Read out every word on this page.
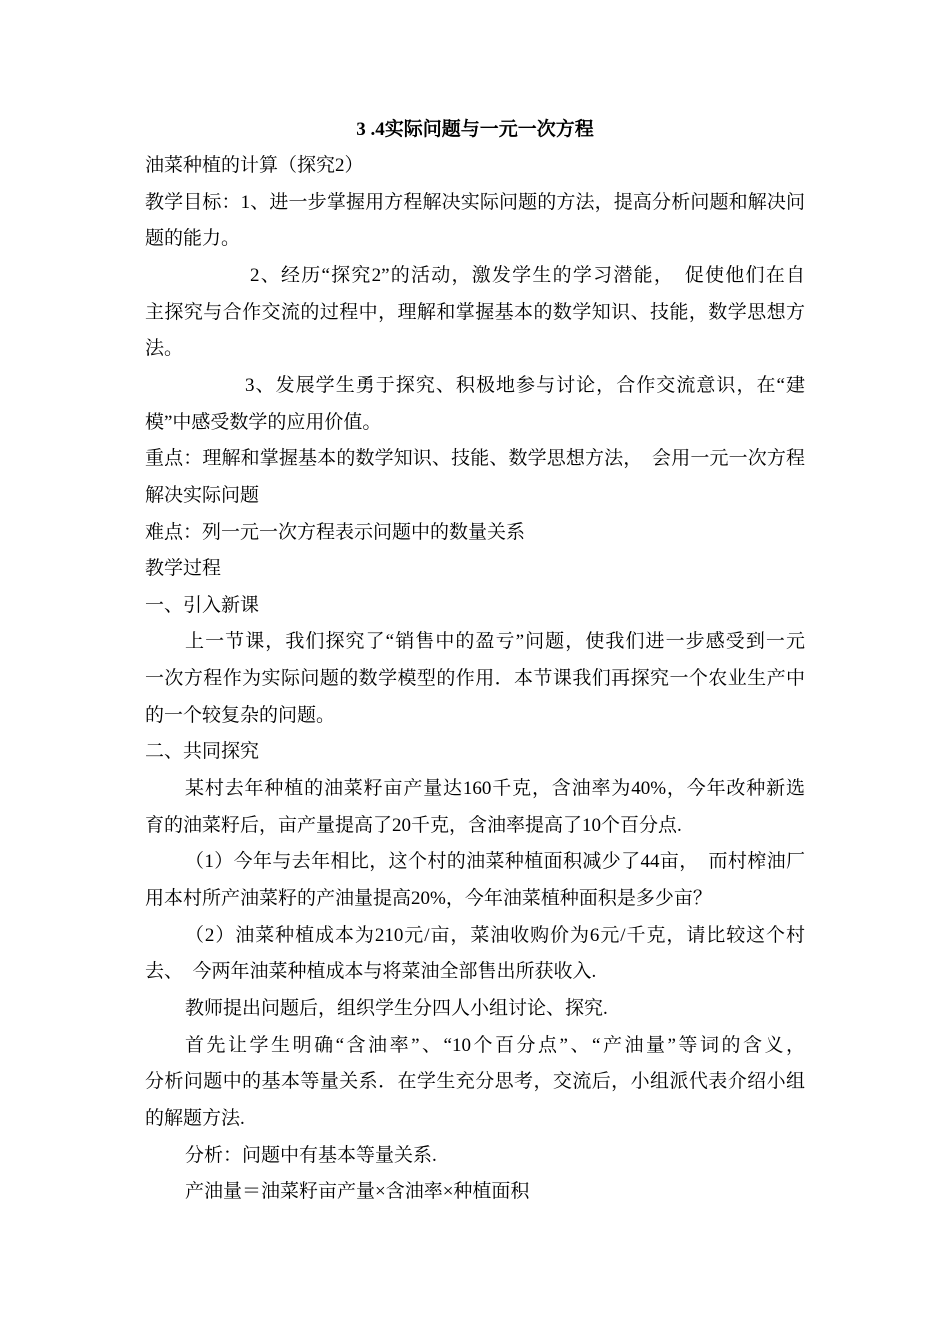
3 .4实际问题与一元一次方程
油菜种植的计算（探究2）
教学目标：1、进一步掌握用方程解决实际问题的方法，提高分析问题和解决问
题的能力。
2、经历“探究2”的活动，激发学生的学习潜能，　促使他们在自
主探究与合作交流的过程中，理解和掌握基本的数学知识、技能，数学思想方
法。
3、发展学生勇于探究、积极地参与讨论，合作交流意识，在“建
模”中感受数学的应用价值。
重点：理解和掌握基本的数学知识、技能、数学思想方法，　会用一元一次方程
解决实际问题
难点：列一元一次方程表示问题中的数量关系
教学过程
一、引入新课
上一节课，我们探究了“销售中的盈亏”问题，使我们进一步感受到一元
一次方程作为实际问题的数学模型的作用．本节课我们再探究一个农业生产中
的一个较复杂的问题。
二、共同探究
某村去年种植的油菜籽亩产量达160千克，含油率为40%，今年改种新选
育的油菜籽后，亩产量提高了20千克，含油率提高了10个百分点.
（1）今年与去年相比，这个村的油菜种植面积减少了44亩，　而村榨油厂
用本村所产油菜籽的产油量提高20%，今年油菜植种面积是多少亩？
（2）油菜种植成本为210元/亩，菜油收购价为6元/千克，请比较这个村
去、　今两年油菜种植成本与将菜油全部售出所获收入.
教师提出问题后，组织学生分四人小组讨论、探究.
首先让学生明确“含油率”、“10个百分点”、“产油量”等词的含义，
分析问题中的基本等量关系．在学生充分思考，交流后，小组派代表介绍小组
的解题方法.
分析：问题中有基本等量关系.
产油量＝油菜籽亩产量×含油率×种植面积
